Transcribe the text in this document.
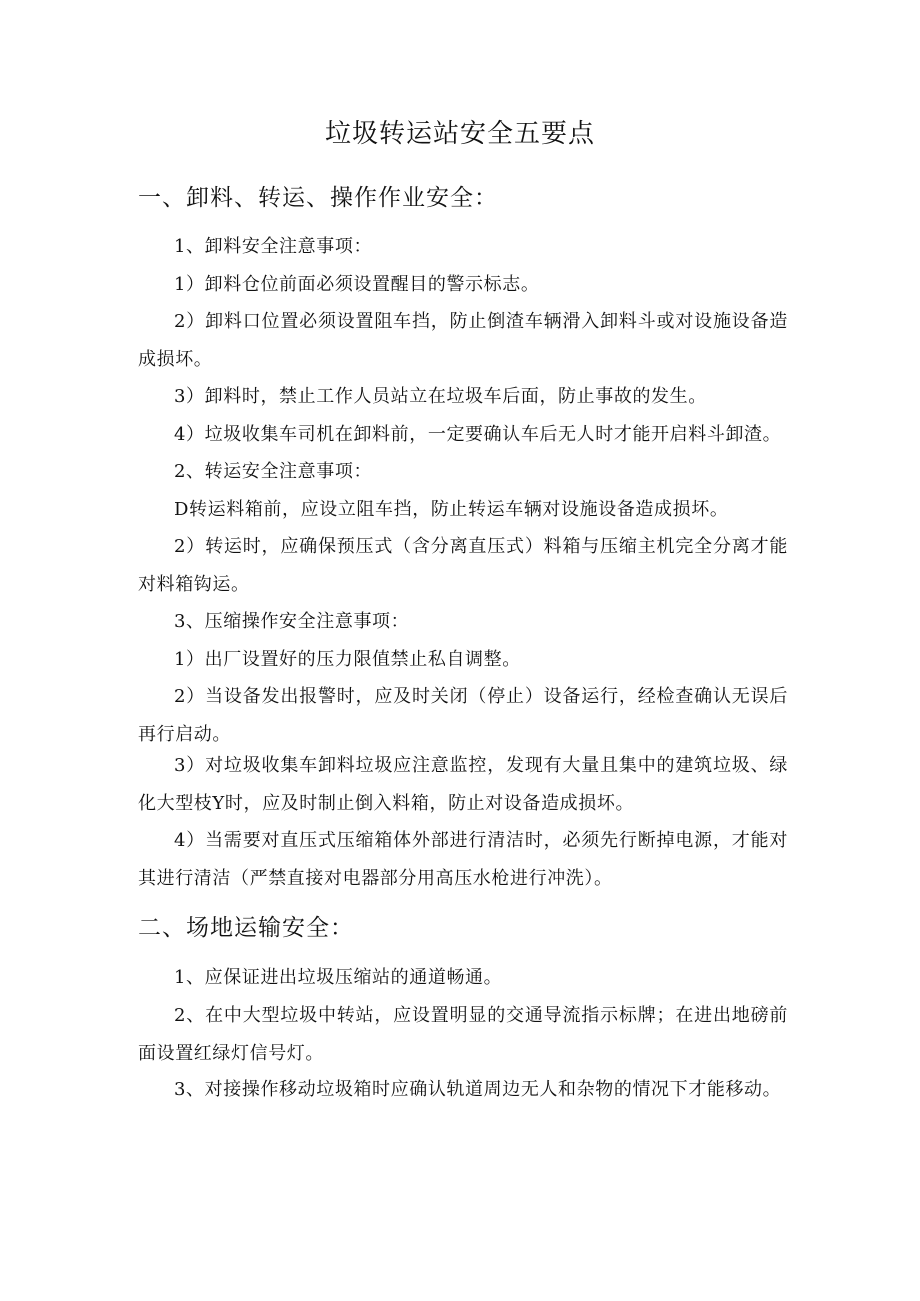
垃圾转运站安全五要点
一、卸料、转运、操作作业安全：

1、卸料安全注意事项：

1）卸料仓位前面必须设置醒目的警示标志。

2）卸料口位置必须设置阻车挡，防止倒渣车辆滑入卸料斗或对设施设备造成损坏。

3）卸料时，禁止工作人员站立在垃圾车后面，防止事故的发生。

4）垃圾收集车司机在卸料前，一定要确认车后无人时才能开启料斗卸渣。

2、转运安全注意事项：

D转运料箱前，应设立阻车挡，防止转运车辆对设施设备造成损坏。

2）转运时，应确保预压式（含分离直压式）料箱与压缩主机完全分离才能对料箱钩运。

3、压缩操作安全注意事项：

1）出厂设置好的压力限值禁止私自调整。

2）当设备发出报警时，应及时关闭（停止）设备运行，经检查确认无误后再行启动。

3）对垃圾收集车卸料垃圾应注意监控，发现有大量且集中的建筑垃圾、绿化大型枝Y时，应及时制止倒入料箱，防止对设备造成损坏。

4）当需要对直压式压缩箱体外部进行清洁时，必须先行断掉电源，才能对其进行清洁（严禁直接对电器部分用高压水枪进行冲洗）。

二、场地运输安全：

1、应保证进出垃圾压缩站的通道畅通。

2、在中大型垃圾中转站，应设置明显的交通导流指示标牌；在进出地磅前面设置红绿灯信号灯。

3、对接操作移动垃圾箱时应确认轨道周边无人和杂物的情况下才能移动。
